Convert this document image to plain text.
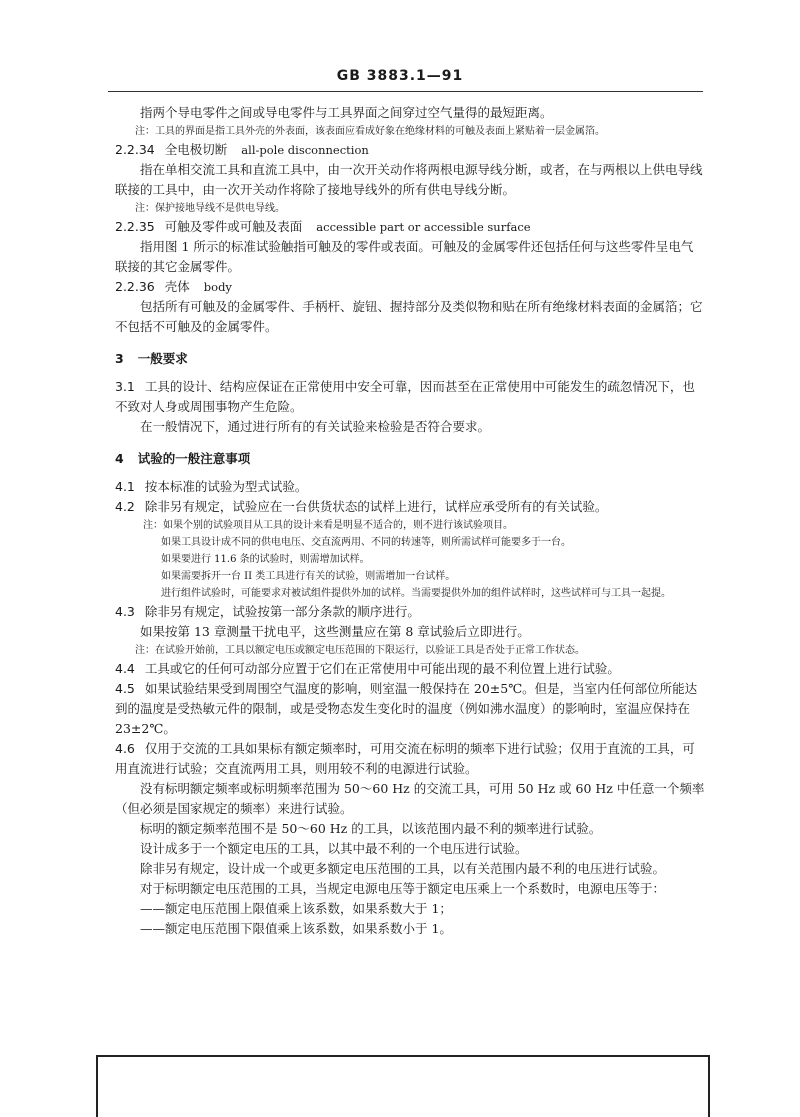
GB 3883.1—91

指两个导电零件之间或导电零件与工具界面之间穿过空气量得的最短距离。

注：工具的界面是指工具外壳的外表面，该表面应看成好象在绝缘材料的可触及表面上紧贴着一层金属箔。

2.2.34 全电极切断 all-pole disconnection

指在单相交流工具和直流工具中，由一次开关动作将两根电源导线分断，或者，在与两根以上供电导线联接的工具中，由一次开关动作将除了接地导线外的所有供电导线分断。

注：保护接地导线不是供电导线。

2.2.35 可触及零件或可触及表面 accessible part or accessible surface

指用图 1 所示的标准试验触指可触及的零件或表面。可触及的金属零件还包括任何与这些零件呈电气联接的其它金属零件。

2.2.36 壳体 body

包括所有可触及的金属零件、手柄杆、旋钮、握持部分及类似物和贴在所有绝缘材料表面的金属箔；它不包括不可触及的金属零件。

3 一般要求

3.1 工具的设计、结构应保证在正常使用中安全可靠，因而甚至在正常使用中可能发生的疏忽情况下，也不致对人身或周围事物产生危险。

在一般情况下，通过进行所有的有关试验来检验是否符合要求。

4 试验的一般注意事项

4.1 按本标准的试验为型式试验。

4.2 除非另有规定，试验应在一台供货状态的试样上进行，试样应承受所有的有关试验。

注：如果个别的试验项目从工具的设计来看是明显不适合的，则不进行该试验项目。

如果工具设计成不同的供电电压、交直流两用、不同的转速等，则所需试样可能要多于一台。

如果要进行 11.6 条的试验时，则需增加试样。

如果需要拆开一台 II 类工具进行有关的试验，则需增加一台试样。

进行组件试验时，可能要求对被试组件提供外加的试样。当需要提供外加的组件试样时，这些试样可与工具一起提。

4.3 除非另有规定，试验按第一部分条款的顺序进行。

如果按第 13 章测量干扰电平，这些测量应在第 8 章试验后立即进行。

注：在试验开始前，工具以额定电压或额定电压范围的下限运行，以验证工具是否处于正常工作状态。

4.4 工具或它的任何可动部分应置于它们在正常使用中可能出现的最不利位置上进行试验。

4.5 如果试验结果受到周围空气温度的影响，则室温一般保持在 20±5℃。但是，当室内任何部位所能达到的温度是受热敏元件的限制，或是受物态发生变化时的温度（例如沸水温度）的影响时，室温应保持在 23±2℃。

4.6 仅用于交流的工具如果标有额定频率时，可用交流在标明的频率下进行试验；仅用于直流的工具，可用直流进行试验；交直流两用工具，则用较不利的电源进行试验。

没有标明额定频率或标明频率范围为 50～60 Hz 的交流工具，可用 50 Hz 或 60 Hz 中任意一个频率（但必须是国家规定的频率）来进行试验。

标明的额定频率范围不是 50～60 Hz 的工具，以该范围内最不利的频率进行试验。

设计成多于一个额定电压的工具，以其中最不利的一个电压进行试验。

除非另有规定，设计成一个或更多额定电压范围的工具，以有关范围内最不利的电压进行试验。

对于标明额定电压范围的工具，当规定电源电压等于额定电压乘上一个系数时，电源电压等于：

——额定电压范围上限值乘上该系数，如果系数大于 1；

——额定电压范围下限值乘上该系数，如果系数小于 1。
